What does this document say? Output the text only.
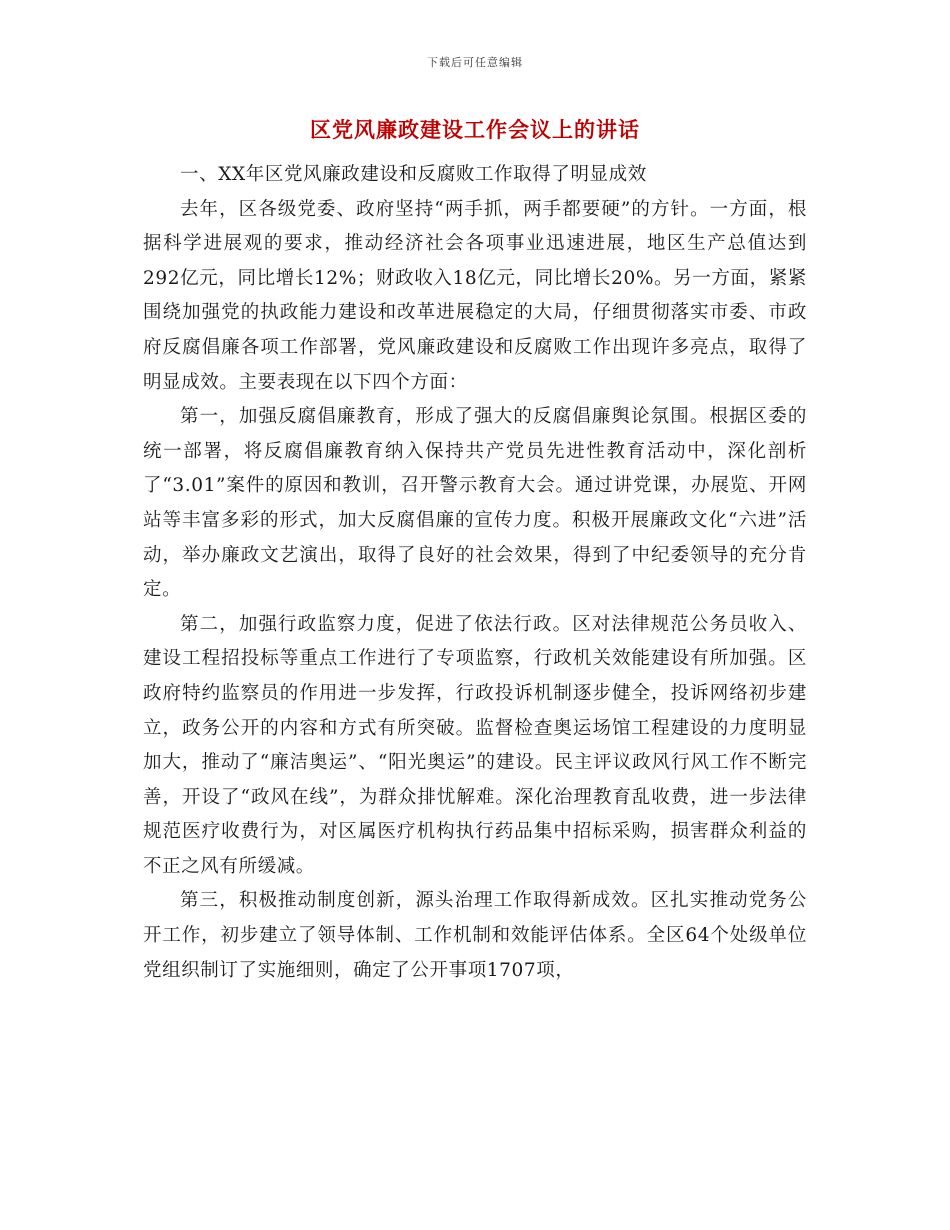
下载后可任意编辑
区党风廉政建设工作会议上的讲话

一、XX年区党风廉政建设和反腐败工作取得了明显成效

去年，区各级党委、政府坚持“两手抓，两手都要硬”的方针。一方面，根据科学进展观的要求，推动经济社会各项事业迅速进展，地区生产总值达到292亿元，同比增长12%；财政收入18亿元，同比增长20%。另一方面，紧紧围绕加强党的执政能力建设和改革进展稳定的大局，仔细贯彻落实市委、市政府反腐倡廉各项工作部署，党风廉政建设和反腐败工作出现许多亮点，取得了明显成效。主要表现在以下四个方面：

第一，加强反腐倡廉教育，形成了强大的反腐倡廉舆论氛围。根据区委的统一部署，将反腐倡廉教育纳入保持共产党员先进性教育活动中，深化剖析了“3.01”案件的原因和教训，召开警示教育大会。通过讲党课，办展览、开网站等丰富多彩的形式，加大反腐倡廉的宣传力度。积极开展廉政文化“六进”活动，举办廉政文艺演出，取得了良好的社会效果，得到了中纪委领导的充分肯定。

第二，加强行政监察力度，促进了依法行政。区对法律规范公务员收入、建设工程招投标等重点工作进行了专项监察，行政机关效能建设有所加强。区政府特约监察员的作用进一步发挥，行政投诉机制逐步健全，投诉网络初步建立，政务公开的内容和方式有所突破。监督检查奥运场馆工程建设的力度明显加大，推动了“廉洁奥运”、“阳光奥运”的建设。民主评议政风行风工作不断完善，开设了“政风在线”，为群众排忧解难。深化治理教育乱收费，进一步法律规范医疗收费行为，对区属医疗机构执行药品集中招标采购，损害群众利益的不正之风有所缓减。

第三，积极推动制度创新，源头治理工作取得新成效。区扎实推动党务公开工作，初步建立了领导体制、工作机制和效能评估体系。全区64个处级单位党组织制订了实施细则，确定了公开事项1707项，
